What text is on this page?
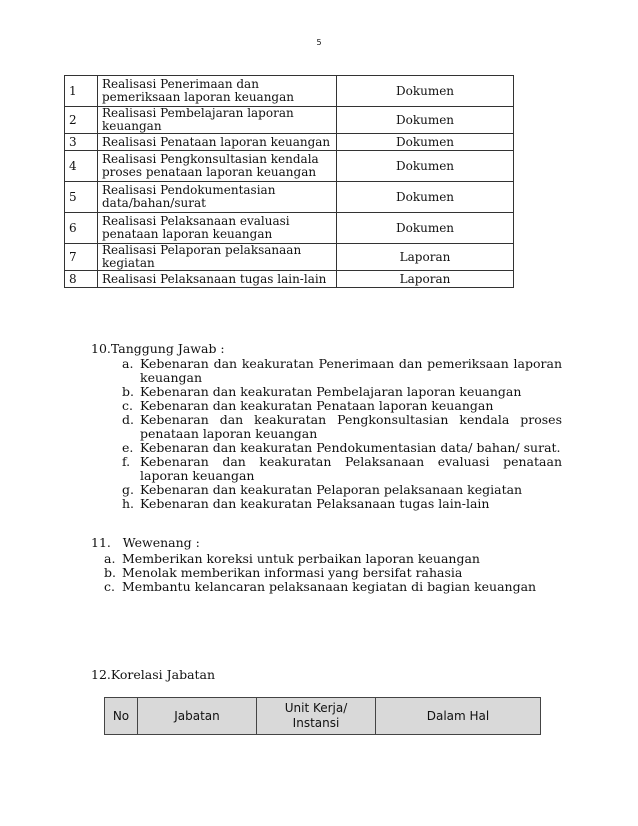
5
1	Realisasi Penerimaan dan pemeriksaan laporan keuangan	Dokumen
2	Realisasi Pembelajaran laporan keuangan	Dokumen
3	Realisasi Penataan laporan keuangan	Dokumen
4	Realisasi Pengkonsultasian kendala proses penataan laporan keuangan	Dokumen
5	Realisasi Pendokumentasian data/bahan/surat	Dokumen
6	Realisasi Pelaksanaan evaluasi penataan laporan keuangan	Dokumen
7	Realisasi Pelaporan pelaksanaan kegiatan	Laporan
8	Realisasi Pelaksanaan tugas lain-lain	Laporan
10.Tanggung Jawab :
a. Kebenaran dan keakuratan Penerimaan dan pemeriksaan laporan keuangan
b. Kebenaran dan keakuratan Pembelajaran laporan keuangan
c. Kebenaran dan keakuratan Penataan laporan keuangan
d. Kebenaran dan keakuratan Pengkonsultasian kendala proses penataan laporan keuangan
e. Kebenaran dan keakuratan Pendokumentasian data/ bahan/ surat.
f. Kebenaran dan keakuratan Pelaksanaan evaluasi penataan laporan keuangan
g. Kebenaran dan keakuratan Pelaporan pelaksanaan kegiatan
h. Kebenaran dan keakuratan Pelaksanaan tugas lain-lain
11.   Wewenang :
a. Memberikan koreksi untuk perbaikan laporan keuangan
b. Menolak memberikan informasi yang bersifat rahasia
c. Membantu kelancaran pelaksanaan kegiatan di bagian keuangan
12.Korelasi Jabatan
No	Jabatan	Unit Kerja/ Instansi	Dalam Hal
